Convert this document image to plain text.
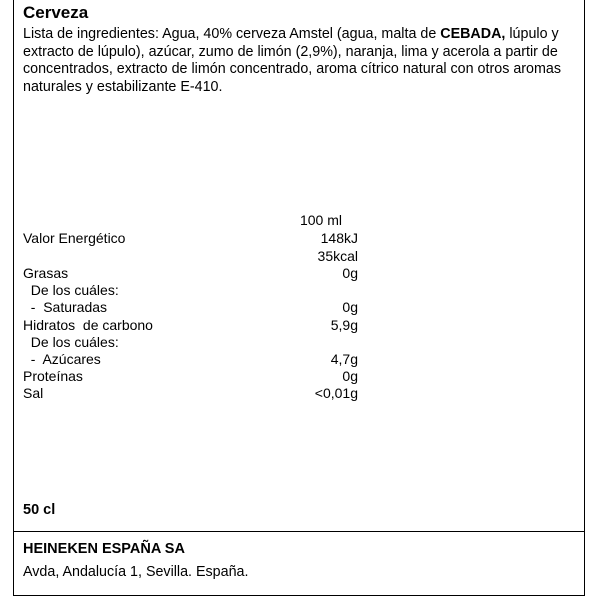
Cerveza
Lista de ingredientes: Agua, 40% cerveza Amstel (agua, malta de CEBADA, lúpulo y extracto de lúpulo), azúcar, zumo de limón (2,9%), naranja, lima y acerola a partir de concentrados, extracto de limón concentrado, aroma cítrico natural con otros aromas naturales y estabilizante E-410.
100 ml
Valor Energético	148kJ
35kcal
Grasas	0g
De los cuáles:
-  Saturadas	0g
Hidratos  de carbono	5,9g
De los cuáles:
-  Azúcares	4,7g
Proteínas	0g
Sal	<0,01g
50 cl
HEINEKEN ESPAÑA SA
Avda, Andalucía 1, Sevilla. España.
